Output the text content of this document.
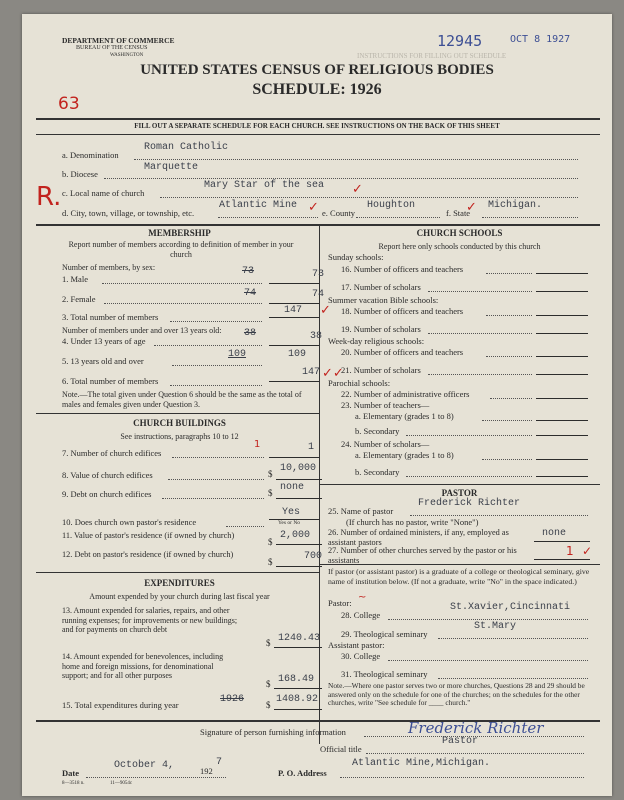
DEPARTMENT OF COMMERCE
BUREAU OF THE CENSUS
WASHINGTON	INSTRUCTIONS FOR FILLING OUT SCHEDULE
12945	OCT 8 1927
UNITED STATES CENSUS OF RELIGIOUS BODIES
SCHEDULE: 1926
63
R.
FILL OUT A SEPARATE SCHEDULE FOR EACH CHURCH. SEE INSTRUCTIONS ON THE BACK OF THIS SHEET
a. Denomination
Roman Catholic
b. Diocese
Marquette
c. Local name of church
Mary Star of the sea
d. City, town, village, or township, etc.
Atlantic Mine
e. County
Houghton
f. State
Michigan.
MEMBERSHIP
Report number of members according to definition of member in your church
Number of members, by sex:
1. Male
73	73
2. Female	74	74
3. Total number of members
147 ✓
Number of members under and over 13 years old:
4. Under 13 years of age
38	38
5. 13 years old and over
109	109
6. Total number of members
147 ✓✓
Note.—The total given under Question 6 should be the same as the total of males and females given under Question 3.
CHURCH BUILDINGS
See instructions, paragraphs 10 to 12
7. Number of church edifices
1	1
8. Value of church edifices	$ 10,000
9. Debt on church edifices	$ none
10. Does church own pastor's residence
Yes
Yes or No
11. Value of pastor's residence (if owned by church)
$
2,000
12. Debt on pastor's residence (if owned by church)
$	700
EXPENDITURES
Amount expended by your church during last fiscal year
13. Amount expended for salaries, repairs, and other running expenses; for improvements or new buildings; and for payments on church debt
$ 1240.43
14. Amount expended for benevolences, including home and foreign missions, for denominational support; and for all other purposes
$ 168.49
15. Total expenditures during year	1926 $ 1408.92
CHURCH SCHOOLS
Report here only schools conducted by this church
Sunday schools:
16. Number of officers and teachers
17. Number of scholars
Summer vacation Bible schools:
18. Number of officers and teachers
19. Number of scholars
Week-day religious schools:
20. Number of officers and teachers
21. Number of scholars
Parochial schools:
22. Number of administrative officers
23. Number of teachers—
a. Elementary (grades 1 to 8)
b. Secondary
24. Number of scholars—
a. Elementary (grades 1 to 8)
b. Secondary
PASTOR
25. Name of pastor
Frederick Richter
(If church has no pastor, write "None")
26. Number of ordained ministers, if any, employed as assistant pastors
none
27. Number of other churches served by the pastor or his assistants
1 ✓
If pastor (or assistant pastor) is a graduate of a college or theological seminary, give name of institution below. (If not a graduate, write "No" in the space indicated.)
Pastor: ~
28. College
St.Xavier,Cincinnati
29. Theological seminary
St.Mary
Assistant pastor:
30. College
31. Theological seminary
Note.—Where one pastor serves two or more churches, Questions 28 and 29 should be answered only on the schedule for one of the churches; on the schedules for the other churches, write "See schedule for ____ church."
Signature of person furnishing information	Frederick Richter
Official title
Pastor
Date
October 4,	192
7
P. O. Address
Atlantic Mine,Michigan.
8—3518 n.	11—9054c
✓
✓	✓
